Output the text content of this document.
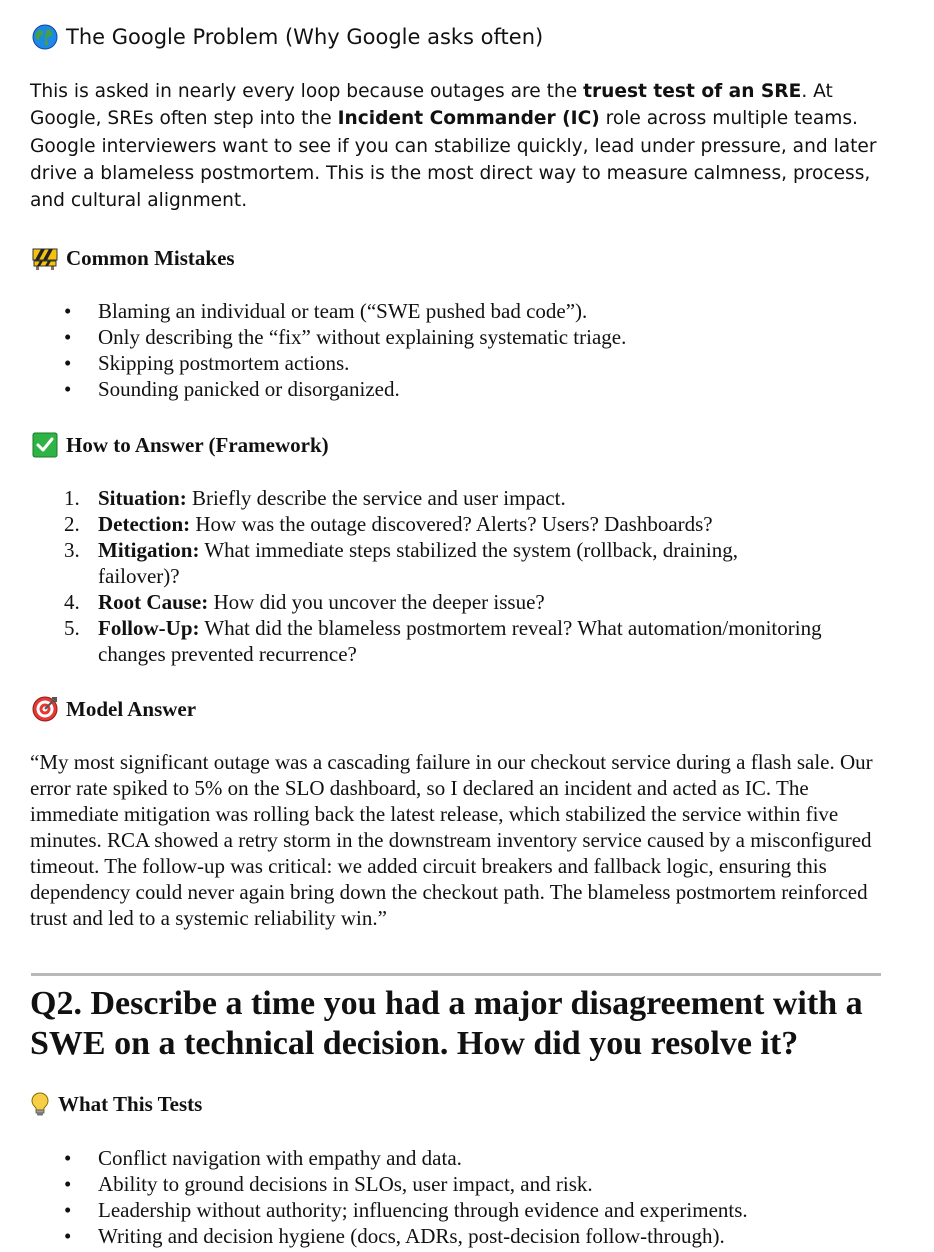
The Google Problem (Why Google asks often)
This is asked in nearly every loop because outages are the truest test of an SRE. At Google, SREs often step into the Incident Commander (IC) role across multiple teams. Google interviewers want to see if you can stabilize quickly, lead under pressure, and later drive a blameless postmortem. This is the most direct way to measure calmness, process, and cultural alignment.
Common Mistakes
• Blaming an individual or team (“SWE pushed bad code”).
• Only describing the “fix” without explaining systematic triage.
• Skipping postmortem actions.
• Sounding panicked or disorganized.
How to Answer (Framework)
1. Situation: Briefly describe the service and user impact.
2. Detection: How was the outage discovered? Alerts? Users? Dashboards?
3. Mitigation: What immediate steps stabilized the system (rollback, draining, failover)?
4. Root Cause: How did you uncover the deeper issue?
5. Follow-Up: What did the blameless postmortem reveal? What automation/monitoring changes prevented recurrence?
Model Answer
“My most significant outage was a cascading failure in our checkout service during a flash sale. Our error rate spiked to 5% on the SLO dashboard, so I declared an incident and acted as IC. The immediate mitigation was rolling back the latest release, which stabilized the service within five minutes. RCA showed a retry storm in the downstream inventory service caused by a misconfigured timeout. The follow-up was critical: we added circuit breakers and fallback logic, ensuring this dependency could never again bring down the checkout path. The blameless postmortem reinforced trust and led to a systemic reliability win.”
Q2. Describe a time you had a major disagreement with a SWE on a technical decision. How did you resolve it?
What This Tests
• Conflict navigation with empathy and data.
• Ability to ground decisions in SLOs, user impact, and risk.
• Leadership without authority; influencing through evidence and experiments.
• Writing and decision hygiene (docs, ADRs, post-decision follow-through).
